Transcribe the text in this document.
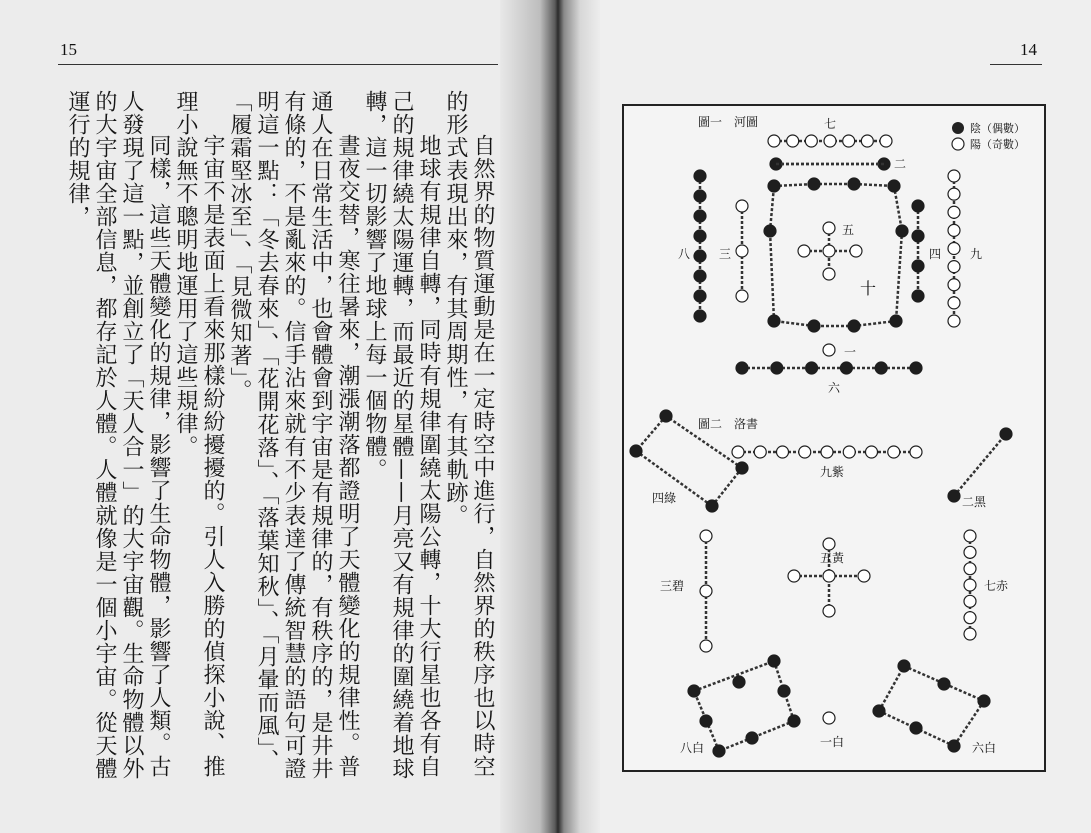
15	14

自然界的物質運動是在一定時空中進行，自然界的秩序也以時空的形式表現出來，有其周期性，有其軌跡。

地球有規律自轉，同時有規律圍繞太陽公轉，十大行星也各有自己的規律繞太陽運轉，而最近的星體——月亮又有規律的圍繞着地球轉，這一切影響了地球上每一個物體。

晝夜交替，寒往暑來，潮漲潮落都證明了天體變化的規律性。普通人在日常生活中，也會體會到宇宙是有規律的，有秩序的，是井井有條的，不是亂來的。信手沾來就有不少表達了傳統智慧的語句可證明這一點：「冬去春來」、「花開花落」、「落葉知秋」、「月暈而風」、「履霜堅冰至」、「見微知著」。

宇宙不是表面上看來那樣紛紛擾擾的。引人入勝的偵探小說、推理小說無不聰明地運用了這些規律。

同樣，這些天體變化的規律，影響了生命物體，影響了人類。古人發現了這一點，並創立了「天人合一」的大宇宙觀。生命物體以外的大宇宙全部信息，都存記於人體。人體就像是一個小宇宙。從天體運行的規律，	圖一　河圖	陰（偶數）
陽（奇數）
七
二
八 三
五
十
四 九
一
六
圖二　洛書
九紫
四綠	二黑
三碧
五黃
七赤
八白	一白	六白
